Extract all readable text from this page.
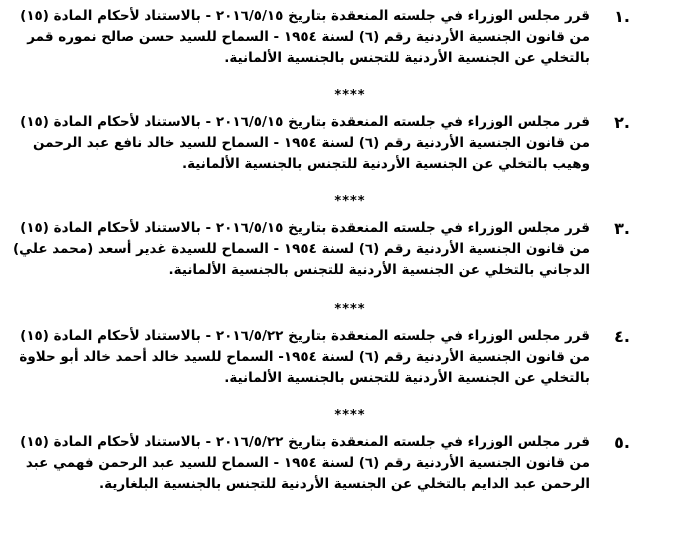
١.
قرر مجلس الوزراء في جلسته المنعقدة بتاريخ ٢٠١٦/٥/١٥ - بالاستناد لأحكام المادة (١٥)
من قانون الجنسية الأردنية رقم (٦) لسنة ١٩٥٤ - السماح للسيد حسن صالح نموره قمر
بالتخلي عن الجنسية الأردنية للتجنس بالجنسية الألمانية.
****
٢.
قرر مجلس الوزراء في جلسته المنعقدة بتاريخ ٢٠١٦/٥/١٥ - بالاستناد لأحكام المادة (١٥)
من قانون الجنسية الأردنية رقم (٦) لسنة ١٩٥٤ - السماح للسيد خالد نافع عبد الرحمن
وهيب بالتخلي عن الجنسية الأردنية للتجنس بالجنسية الألمانية.
****
٣.
قرر مجلس الوزراء في جلسته المنعقدة بتاريخ ٢٠١٦/٥/١٥ - بالاستناد لأحكام المادة (١٥)
من قانون الجنسية الأردنية رقم (٦) لسنة ١٩٥٤ - السماح للسيدة غدير أسعد (محمد علي)
الدجاني بالتخلي عن الجنسية الأردنية للتجنس بالجنسية الألمانية.
****
٤.
قرر مجلس الوزراء في جلسته المنعقدة بتاريخ ٢٠١٦/٥/٢٢ - بالاستناد لأحكام المادة (١٥)
من قانون الجنسية الأردنية رقم (٦) لسنة ١٩٥٤- السماح للسيد خالد أحمد خالد أبو حلاوة
بالتخلي عن الجنسية الأردنية للتجنس بالجنسية الألمانية.
****
٥.
قرر مجلس الوزراء في جلسته المنعقدة بتاريخ ٢٠١٦/٥/٢٢ - بالاستناد لأحكام المادة (١٥)
من قانون الجنسية الأردنية رقم (٦) لسنة ١٩٥٤ - السماح للسيد عبد الرحمن فهمي عبد
الرحمن عبد الدايم بالتخلي عن الجنسية الأردنية للتجنس بالجنسية البلغارية.
